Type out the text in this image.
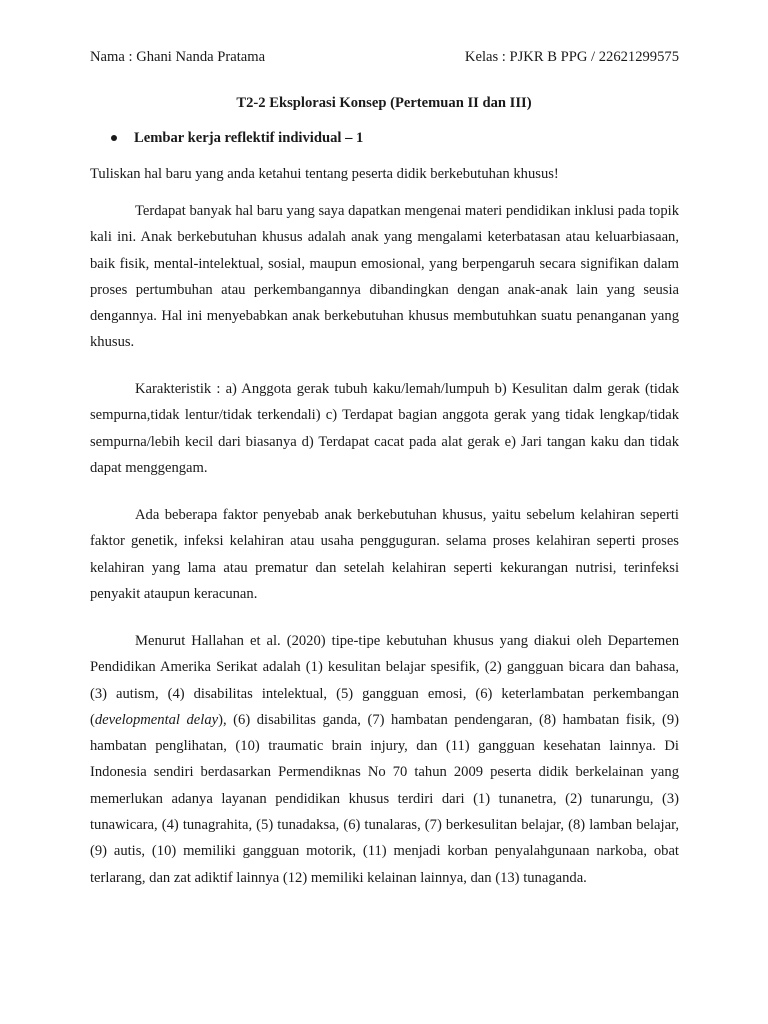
Nama : Ghani Nanda Pratama	Kelas : PJKR B PPG / 22621299575
T2-2 Eksplorasi Konsep (Pertemuan II dan III)
Lembar kerja reflektif individual – 1
Tuliskan hal baru yang anda ketahui tentang peserta didik berkebutuhan khusus!

Terdapat banyak hal baru yang saya dapatkan mengenai materi pendidikan inklusi pada topik kali ini. Anak berkebutuhan khusus adalah anak yang mengalami keterbatasan atau keluarbiasaan, baik fisik, mental-intelektual, sosial, maupun emosional, yang berpengaruh secara signifikan dalam proses pertumbuhan atau perkembangannya dibandingkan dengan anak-anak lain yang seusia dengannya. Hal ini menyebabkan anak berkebutuhan khusus membutuhkan suatu penanganan yang khusus.

Karakteristik : a) Anggota gerak tubuh kaku/lemah/lumpuh b) Kesulitan dalm gerak (tidak sempurna,tidak lentur/tidak terkendali) c) Terdapat bagian anggota gerak yang tidak lengkap/tidak sempurna/lebih kecil dari biasanya d) Terdapat cacat pada alat gerak e) Jari tangan kaku dan tidak dapat menggengam.

Ada beberapa faktor penyebab anak berkebutuhan khusus, yaitu sebelum kelahiran seperti faktor genetik, infeksi kelahiran atau usaha pengguguran. selama proses kelahiran seperti proses kelahiran yang lama atau prematur dan setelah kelahiran seperti kekurangan nutrisi, terinfeksi penyakit ataupun keracunan.

Menurut Hallahan et al. (2020) tipe-tipe kebutuhan khusus yang diakui oleh Departemen Pendidikan Amerika Serikat adalah (1) kesulitan belajar spesifik, (2) gangguan bicara dan bahasa, (3) autism, (4) disabilitas intelektual, (5) gangguan emosi, (6) keterlambatan perkembangan (developmental delay), (6) disabilitas ganda, (7) hambatan pendengaran, (8) hambatan fisik, (9) hambatan penglihatan, (10) traumatic brain injury, dan (11) gangguan kesehatan lainnya. Di Indonesia sendiri berdasarkan Permendiknas No 70 tahun 2009 peserta didik berkelainan yang memerlukan adanya layanan pendidikan khusus terdiri dari (1) tunanetra, (2) tunarungu, (3) tunawicara, (4) tunagrahita, (5) tunadaksa, (6) tunalaras, (7) berkesulitan belajar, (8) lamban belajar, (9) autis, (10) memiliki gangguan motorik, (11) menjadi korban penyalahgunaan narkoba, obat terlarang, dan zat adiktif lainnya (12) memiliki kelainan lainnya, dan (13) tunaganda.
